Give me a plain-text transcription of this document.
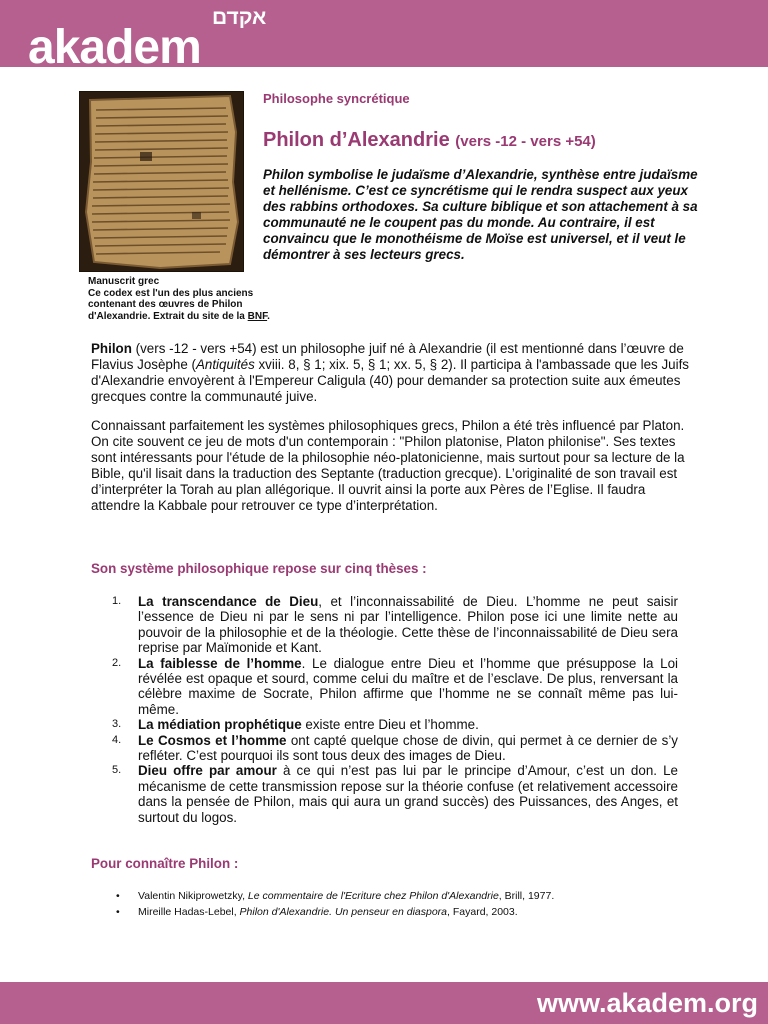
akadem
אקדם
Manuscrit grec
Ce codex est l'un des plus anciens contenant des œuvres de Philon d'Alexandrie. Extrait du site de la BNF.
Philosophe syncrétique
Philon d’Alexandrie (vers -12 - vers +54)
Philon symbolise le judaïsme d’Alexandrie, synthèse entre judaïsme et hellénisme. C’est ce syncrétisme qui le rendra suspect aux yeux des rabbins orthodoxes. Sa culture biblique et son attachement à sa communauté ne le coupent pas du monde. Au contraire, il est convaincu que le monothéisme de Moïse est universel, et il veut le démontrer à ses lecteurs grecs.
Philon (vers -12 - vers +54) est un philosophe juif né à Alexandrie (il est mentionné dans l’œuvre de Flavius Josèphe (Antiquités xviii. 8, § 1; xix. 5, § 1; xx. 5, § 2). Il participa à l'ambassade que les Juifs d'Alexandrie envoyèrent à l'Empereur Caligula (40) pour demander sa protection suite aux émeutes grecques contre la communauté juive.
Connaissant parfaitement les systèmes philosophiques grecs, Philon a été très influencé par Platon. On cite souvent ce jeu de mots d'un contemporain : "Philon platonise, Platon philonise". Ses textes sont intéressants pour l'étude de la philosophie néo-platonicienne, mais surtout pour sa lecture de la Bible, qu'il lisait dans la traduction des Septante (traduction grecque). L’originalité de son travail est d’interpréter la Torah au plan allégorique. Il ouvrit ainsi la porte aux Pères de l’Eglise. Il faudra attendre la Kabbale pour retrouver ce type d’interprétation.
Son système philosophique repose sur cinq thèses :
1. La transcendance de Dieu, et l’inconnaissabilité de Dieu. L’homme ne peut saisir l’essence de Dieu ni par le sens ni par l’intelligence. Philon pose ici une limite nette au pouvoir de la philosophie et de la théologie. Cette thèse de l’inconnaissabilité de Dieu sera reprise par Maïmonide et Kant.
2. La faiblesse de l’homme. Le dialogue entre Dieu et l’homme que présuppose la Loi révélée est opaque et sourd, comme celui du maître et de l’esclave. De plus, renversant la célèbre maxime de Socrate, Philon affirme que l’homme ne se connaît même pas lui-même.
3. La médiation prophétique existe entre Dieu et l’homme.
4. Le Cosmos et l’homme ont capté quelque chose de divin, qui permet à ce dernier de s’y refléter. C’est pourquoi ils sont tous deux des images de Dieu.
5. Dieu offre par amour à ce qui n’est pas lui par le principe d’Amour, c’est un don. Le mécanisme de cette transmission repose sur la théorie confuse (et relativement accessoire dans la pensée de Philon, mais qui aura un grand succès) des Puissances, des Anges, et surtout du logos.
Pour connaître Philon :
• Valentin Nikiprowetzky, Le commentaire de l'Ecriture chez Philon d'Alexandrie, Brill, 1977.
• Mireille Hadas-Lebel, Philon d'Alexandrie. Un penseur en diaspora, Fayard, 2003.
www.akadem.org
